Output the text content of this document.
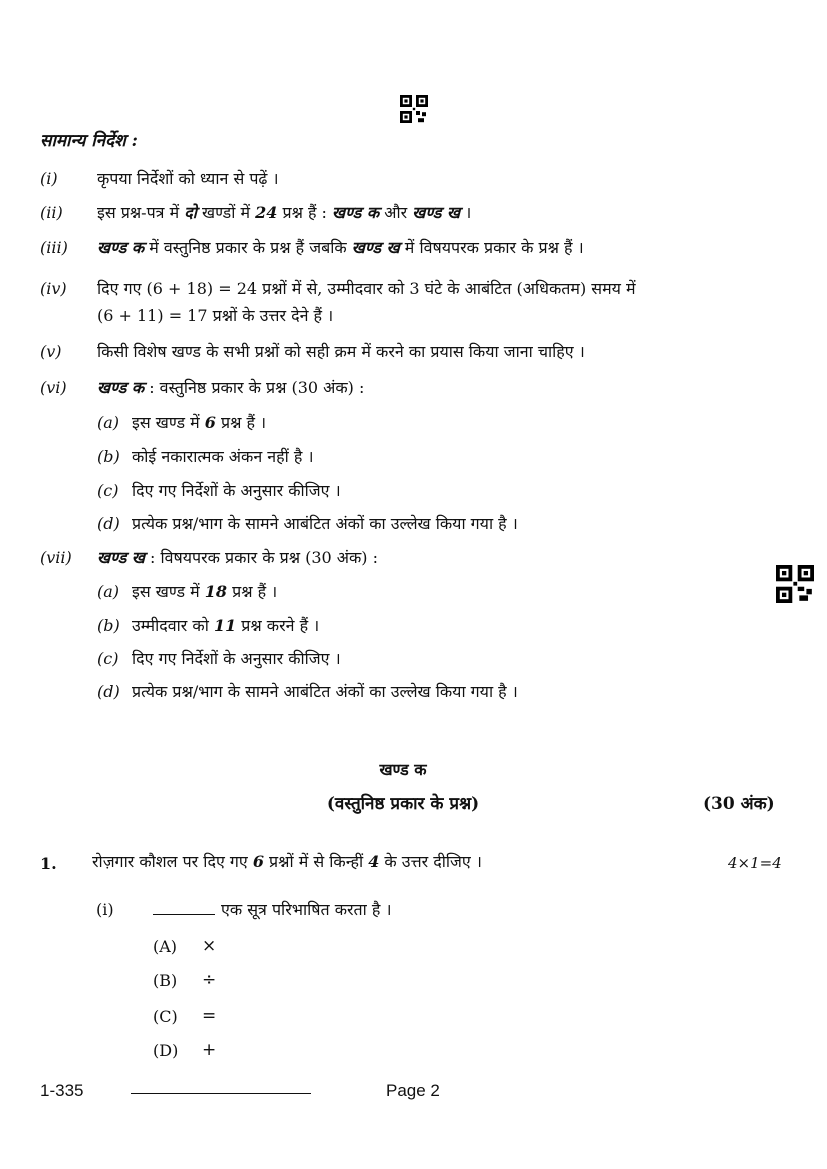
सामान्य निर्देश :
(i) कृपया निर्देशों को ध्यान से पढ़ें ।
(ii) इस प्रश्न-पत्र में दो खण्डों में 24 प्रश्न हैं : खण्ड क और खण्ड ख ।
(iii) खण्ड क में वस्तुनिष्ठ प्रकार के प्रश्न हैं जबकि खण्ड ख में विषयपरक प्रकार के प्रश्न हैं ।
(iv) दिए गए (6 + 18) = 24 प्रश्नों में से, उम्मीदवार को 3 घंटे के आबंटित (अधिकतम) समय में
(6 + 11) = 17 प्रश्नों के उत्तर देने हैं ।
(v) किसी विशेष खण्ड के सभी प्रश्नों को सही क्रम में करने का प्रयास किया जाना चाहिए ।
(vi) खण्ड क : वस्तुनिष्ठ प्रकार के प्रश्न (30 अंक) :
(a) इस खण्ड में 6 प्रश्न हैं ।
(b) कोई नकारात्मक अंकन नहीं है ।
(c) दिए गए निर्देशों के अनुसार कीजिए ।
(d) प्रत्येक प्रश्न/भाग के सामने आबंटित अंकों का उल्लेख किया गया है ।
(vii) खण्ड ख : विषयपरक प्रकार के प्रश्न (30 अंक) :
(a) इस खण्ड में 18 प्रश्न हैं ।
(b) उम्मीदवार को 11 प्रश्न करने हैं ।
(c) दिए गए निर्देशों के अनुसार कीजिए ।
(d) प्रत्येक प्रश्न/भाग के सामने आबंटित अंकों का उल्लेख किया गया है ।
खण्ड क
(वस्तुनिष्ठ प्रकार के प्रश्न)	(30 अंक)
1. रोज़गार कौशल पर दिए गए 6 प्रश्नों में से किन्हीं 4 के उत्तर दीजिए ।	4×1=4
(i)	एक सूत्र परिभाषित करता है ।
(A) ×
(B) ÷
(C) =
(D) +
1-335	Page 2
